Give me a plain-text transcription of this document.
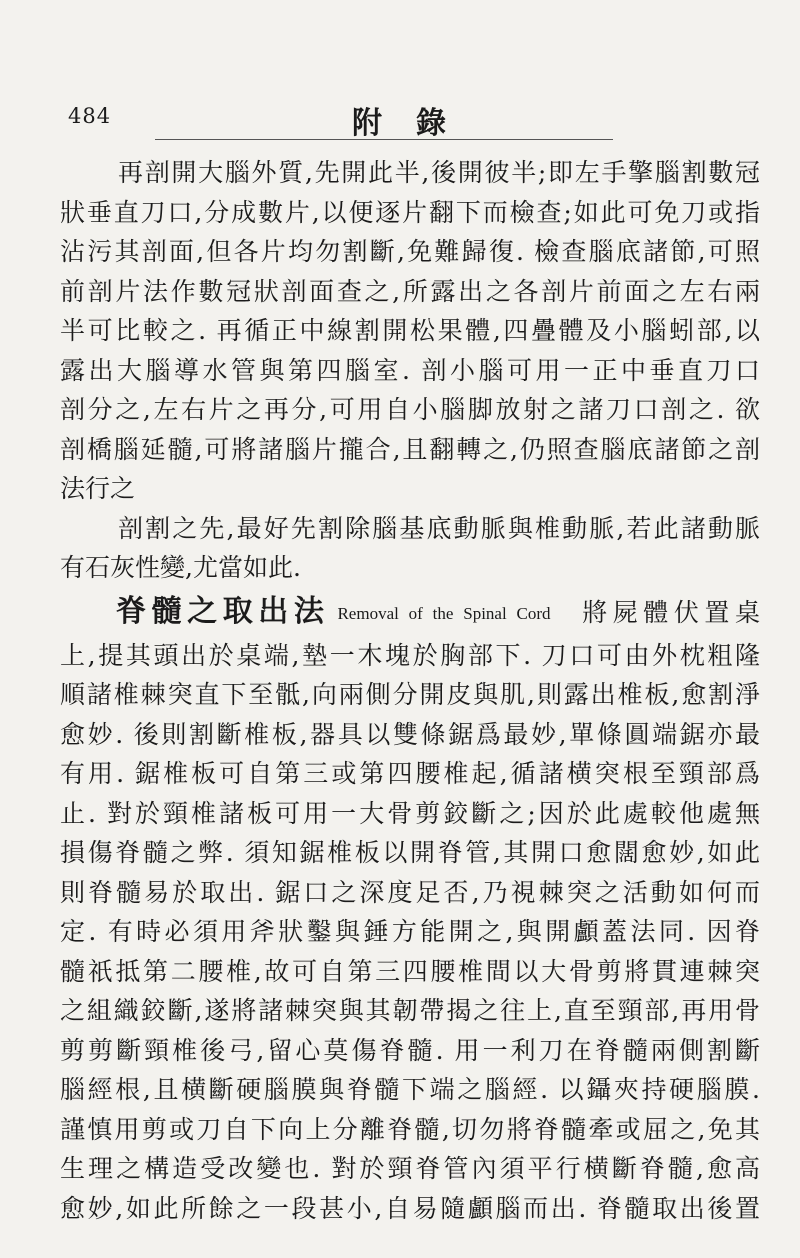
484	附錄
再剖開大腦外質,先開此半,後開彼半;即左手擎腦割數冠
狀垂直刀口,分成數片,以便逐片翻下而檢查;如此可免刀或指
沾污其剖面,但各片均勿割斷,免難歸復. 檢查腦底諸節,可照
前剖片法作數冠狀剖面查之,所露出之各剖片前面之左右兩
半可比較之. 再循正中線割開松果體,四疊體及小腦蚓部,以
露出大腦導水管與第四腦室. 剖小腦可用一正中垂直刀口
剖分之,左右片之再分,可用自小腦脚放射之諸刀口剖之. 欲
剖橋腦延髓,可將諸腦片攏合,且翻轉之,仍照查腦底諸節之剖
法行之
剖割之先,最好先割除腦基底動脈與椎動脈,若此諸動脈
有石灰性變,尤當如此.
脊髓之取出法 Removal of the Spinal Cord 將屍體伏置桌
上,提其頭出於桌端,墊一木塊於胸部下. 刀口可由外枕粗隆
順諸椎棘突直下至骶,向兩側分開皮與肌,則露出椎板,愈割淨
愈妙. 後則割斷椎板,器具以雙條鋸爲最妙,單條圓端鋸亦最
有用. 鋸椎板可自第三或第四腰椎起,循諸横突根至頸部爲
止. 對於頸椎諸板可用一大骨剪鉸斷之;因於此處較他處無
損傷脊髓之弊. 須知鋸椎板以開脊管,其開口愈闊愈妙,如此
則脊髓易於取出. 鋸口之深度足否,乃視棘突之活動如何而
定. 有時必須用斧狀鑿與錘方能開之,與開顱蓋法同. 因脊
髓祇抵第二腰椎,故可自第三四腰椎間以大骨剪將貫連棘突
之組織鉸斷,遂將諸棘突與其韌帶揭之往上,直至頸部,再用骨
剪剪斷頸椎後弓,留心莫傷脊髓. 用一利刀在脊髓兩側割斷
腦經根,且横斷硬腦膜與脊髓下端之腦經. 以鑷夾持硬腦膜.
謹慎用剪或刀自下向上分離脊髓,切勿將脊髓牽或屈之,免其
生理之構造受改變也. 對於頸脊管內須平行横斷脊髓,愈高
愈妙,如此所餘之一段甚小,自易隨顱腦而出. 脊髓取出後置
